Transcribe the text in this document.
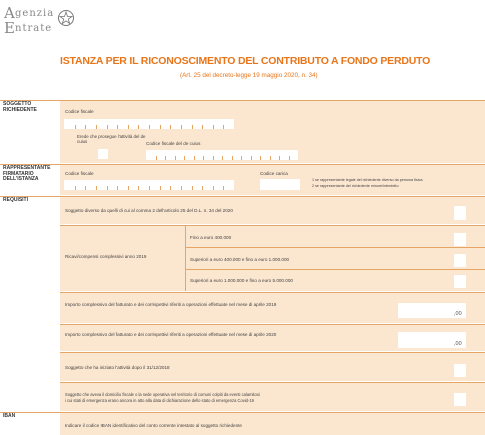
A genzia
E ntrate
ISTANZA PER IL RICONOSCIMENTO DEL CONTRIBUTO A FONDO PERDUTO
(Art. 25 del decreto-legge 19 maggio 2020, n. 34)
SOGGETTO RICHIEDENTE	Codice fiscale
Erede che prosegue l'attività del de cuius	Codice fiscale del de cuius
RAPPRESENTANTE FIRMATARIO DELL'ISTANZA
Codice fiscale	Codice carica
1 se rappresentante legale del richiedente diverso da persona fisica
2 se rappresentante del richiedente minore/interdetto
REQUISITI
Soggetto diverso da quelli di cui al comma 2 dell'articolo 25 del D.L. n. 34 del 2020
Ricavi/compensi complessivi anno 2019
Fino a euro 400.000
Superiori a euro 400.000 e fino a euro 1.000.000
Superiori a euro 1.000.000 e fino a euro 5.000.000
Importo complessivo del fatturato e dei corrispettivi riferiti a operazioni effettuate nel mese di aprile 2019
,00
Importo complessivo del fatturato e dei corrispettivi riferiti a operazioni effettuate nel mese di aprile 2020
,00
Soggetto che ha iniziato l'attività dopo il 31/12/2018
Soggetto che aveva il domicilio fiscale o la sede operativa nel territorio di comuni colpiti da eventi calamitosi
i cui stati di emergenza erano ancora in atto alla data di dichiarazione dello stato di emergenza Covid-19
IBAN
Indicare il codice IBAN identificativo del conto corrente intestato al soggetto richiedente
